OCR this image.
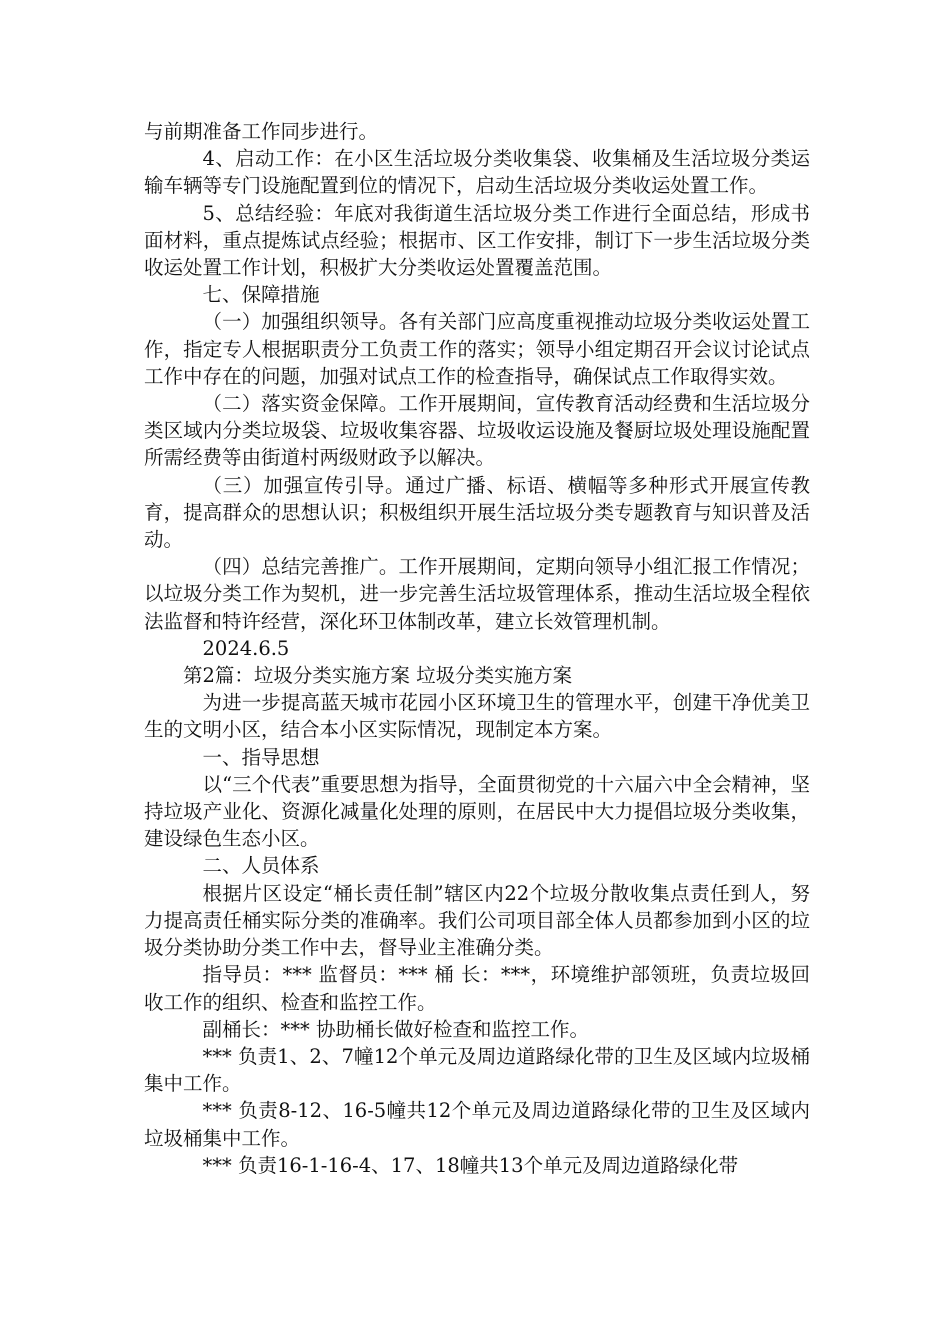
与前期准备工作同步进行。

4、启动工作：在小区生活垃圾分类收集袋、收集桶及生活垃圾分类运输车辆等专门设施配置到位的情况下，启动生活垃圾分类收运处置工作。

5、总结经验：年底对我街道生活垃圾分类工作进行全面总结，形成书面材料，重点提炼试点经验；根据市、区工作安排，制订下一步生活垃圾分类收运处置工作计划，积极扩大分类收运处置覆盖范围。

七、保障措施

（一）加强组织领导。各有关部门应高度重视推动垃圾分类收运处置工作，指定专人根据职责分工负责工作的落实；领导小组定期召开会议讨论试点工作中存在的问题，加强对试点工作的检查指导，确保试点工作取得实效。

（二）落实资金保障。工作开展期间，宣传教育活动经费和生活垃圾分类区域内分类垃圾袋、垃圾收集容器、垃圾收运设施及餐厨垃圾处理设施配置所需经费等由街道村两级财政予以解决。

（三）加强宣传引导。通过广播、标语、横幅等多种形式开展宣传教育，提高群众的思想认识；积极组织开展生活垃圾分类专题教育与知识普及活动。

（四）总结完善推广。工作开展期间，定期向领导小组汇报工作情况；以垃圾分类工作为契机，进一步完善生活垃圾管理体系，推动生活垃圾全程依法监督和特许经营，深化环卫体制改革，建立长效管理机制。

2024.6.5

第2篇：垃圾分类实施方案 垃圾分类实施方案

为进一步提高蓝天城市花园小区环境卫生的管理水平，创建干净优美卫生的文明小区，结合本小区实际情况，现制定本方案。

一、指导思想

以“三个代表”重要思想为指导，全面贯彻党的十六届六中全会精神，坚持垃圾产业化、资源化减量化处理的原则，在居民中大力提倡垃圾分类收集，建设绿色生态小区。

二、人员体系

根据片区设定“桶长责任制”辖区内22个垃圾分散收集点责任到人，努力提高责任桶实际分类的准确率。我们公司项目部全体人员都参加到小区的垃圾分类协助分类工作中去，督导业主准确分类。

指导员：*** 监督员：*** 桶 长：***，环境维护部领班，负责垃圾回收工作的组织、检查和监控工作。

副桶长：*** 协助桶长做好检查和监控工作。

*** 负责1、2、7幢12个单元及周边道路绿化带的卫生及区域内垃圾桶集中工作。

*** 负责8-12、16-5幢共12个单元及周边道路绿化带的卫生及区域内垃圾桶集中工作。

*** 负责16-1-16-4、17、18幢共13个单元及周边道路绿化带
